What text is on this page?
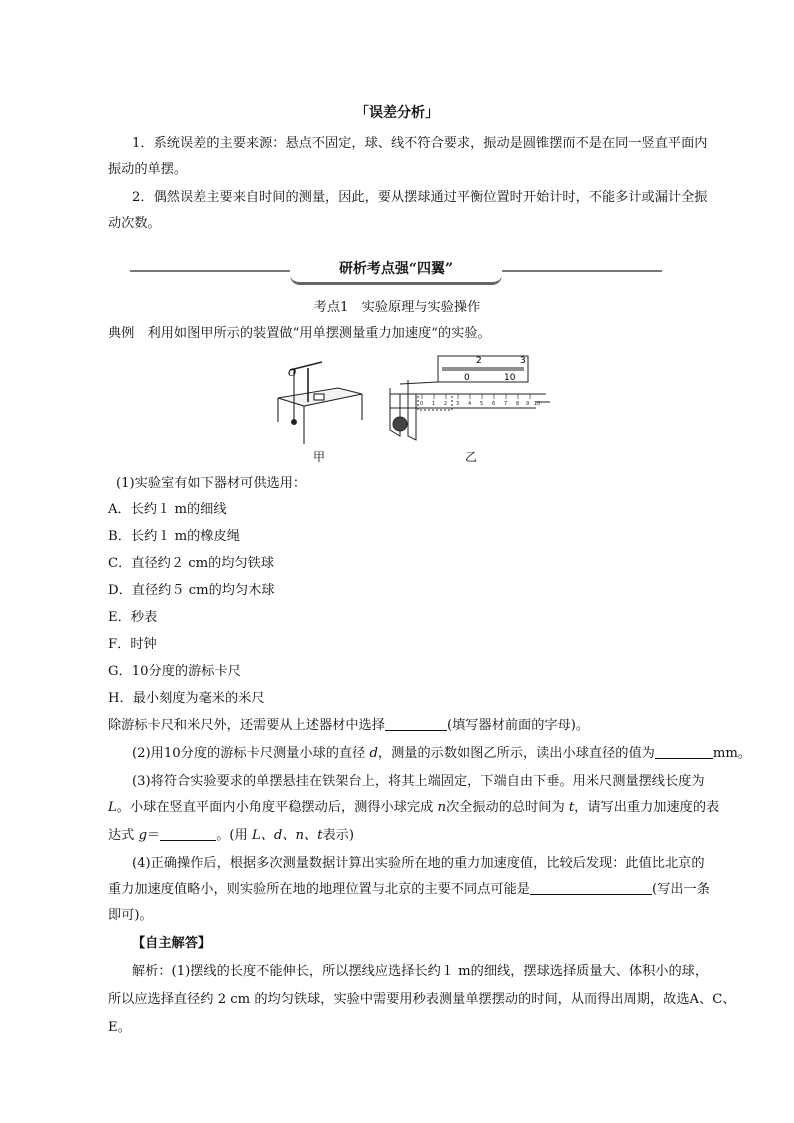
「误差分析」
1．系统误差的主要来源：悬点不固定，球、线不符合要求，振动是圆锥摆而不是在同一竖直平面内
振动的单摆。
2．偶然误差主要来自时间的测量，因此，要从摆球通过平衡位置时开始计时，不能多计或漏计全振
动次数。
研析考点强“四翼”
考点1　实验原理与实验操作
典例　利用如图甲所示的装置做“用单摆测量重力加速度”的实验。
O
2	3
0	10
0 1 2 3 4 5 6 7 8 9 10
甲	乙
(1)实验室有如下器材可供选用：
A．长约１ m的细线
B．长约１ m的橡皮绳
C．直径约２ cm的均匀铁球
D．直径约５ cm的均匀木球
E．秒表
F．时钟
G．10分度的游标卡尺
H．最小刻度为毫米的米尺
除游标卡尺和米尺外，还需要从上述器材中选择	(填写器材前面的字母)。
(2)用10分度的游标卡尺测量小球的直径 d，测量的示数如图乙所示，读出小球直径的值为	mm。
(3)将符合实验要求的单摆悬挂在铁架台上，将其上端固定，下端自由下垂。用米尺测量摆线长度为
L。小球在竖直平面内小角度平稳摆动后，测得小球完成 n次全振动的总时间为 t，请写出重力加速度的表
达式 g＝	。(用 L、d、n、t表示)
(4)正确操作后，根据多次测量数据计算出实验所在地的重力加速度值，比较后发现：此值比北京的
重力加速度值略小，则实验所在地的地理位置与北京的主要不同点可能是	(写出一条
即可)。
【自主解答】
解析：(1)摆线的长度不能伸长，所以摆线应选择长约１ m的细线，摆球选择质量大、体积小的球，
所以应选择直径约 2 cm 的均匀铁球，实验中需要用秒表测量单摆摆动的时间，从而得出周期，故选A、C、
E。
